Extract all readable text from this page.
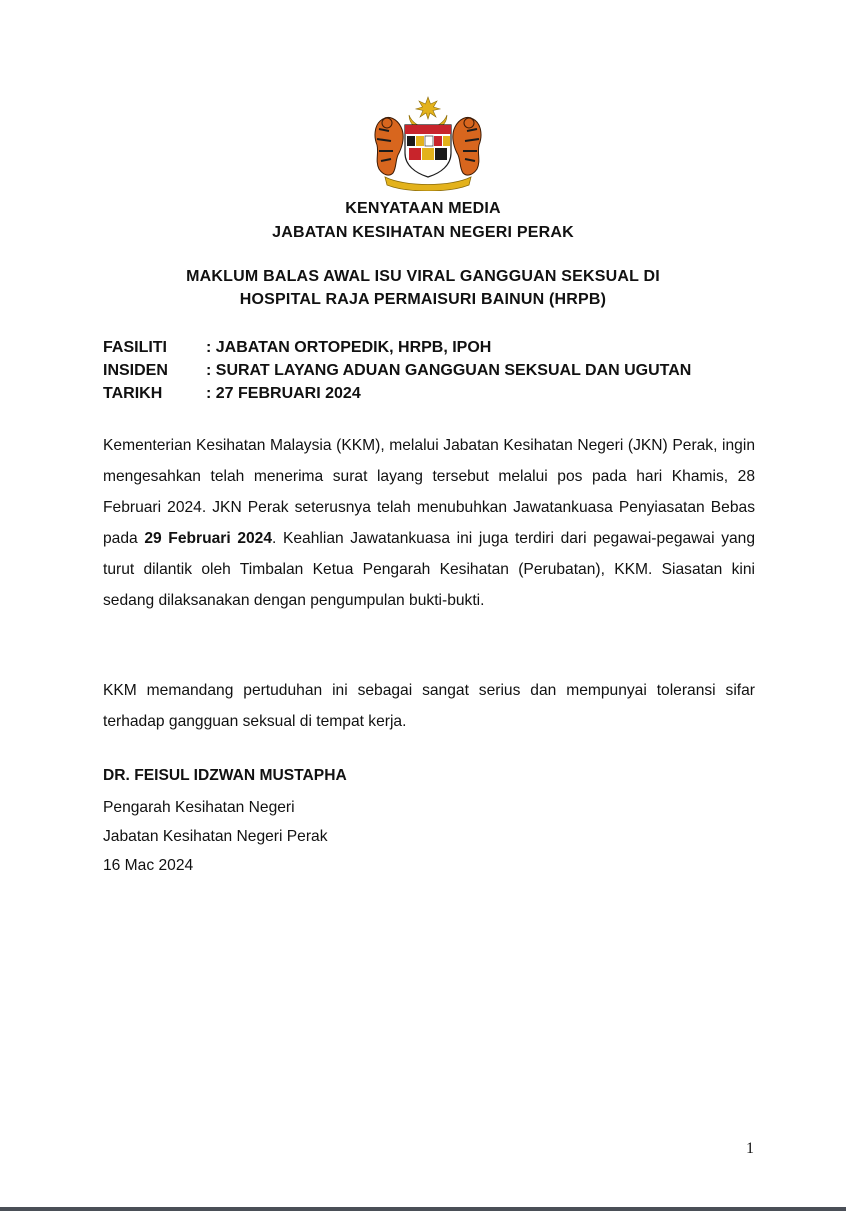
KENYATAAN MEDIA
JABATAN KESIHATAN NEGERI PERAK
MAKLUM BALAS AWAL ISU VIRAL GANGGUAN SEKSUAL DI
HOSPITAL RAJA PERMAISURI BAINUN (HRPB)
FASILITI : JABATAN ORTOPEDIK, HRPB, IPOH
INSIDEN : SURAT LAYANG ADUAN GANGGUAN SEKSUAL DAN UGUTAN
TARIKH	: 27 FEBRUARI 2024
Kementerian Kesihatan Malaysia (KKM), melalui Jabatan Kesihatan Negeri (JKN) Perak, ingin mengesahkan telah menerima surat layang tersebut melalui pos pada hari Khamis, 28 Februari 2024. JKN Perak seterusnya telah menubuhkan Jawatankuasa Penyiasatan Bebas pada 29 Februari 2024. Keahlian Jawatankuasa ini juga terdiri dari pegawai-pegawai yang turut dilantik oleh Timbalan Ketua Pengarah Kesihatan (Perubatan), KKM. Siasatan kini sedang dilaksanakan dengan pengumpulan bukti-bukti.
KKM memandang pertuduhan ini sebagai sangat serius dan mempunyai toleransi sifar terhadap gangguan seksual di tempat kerja.
DR. FEISUL IDZWAN MUSTAPHA
Pengarah Kesihatan Negeri
Jabatan Kesihatan Negeri Perak
16 Mac 2024
1
